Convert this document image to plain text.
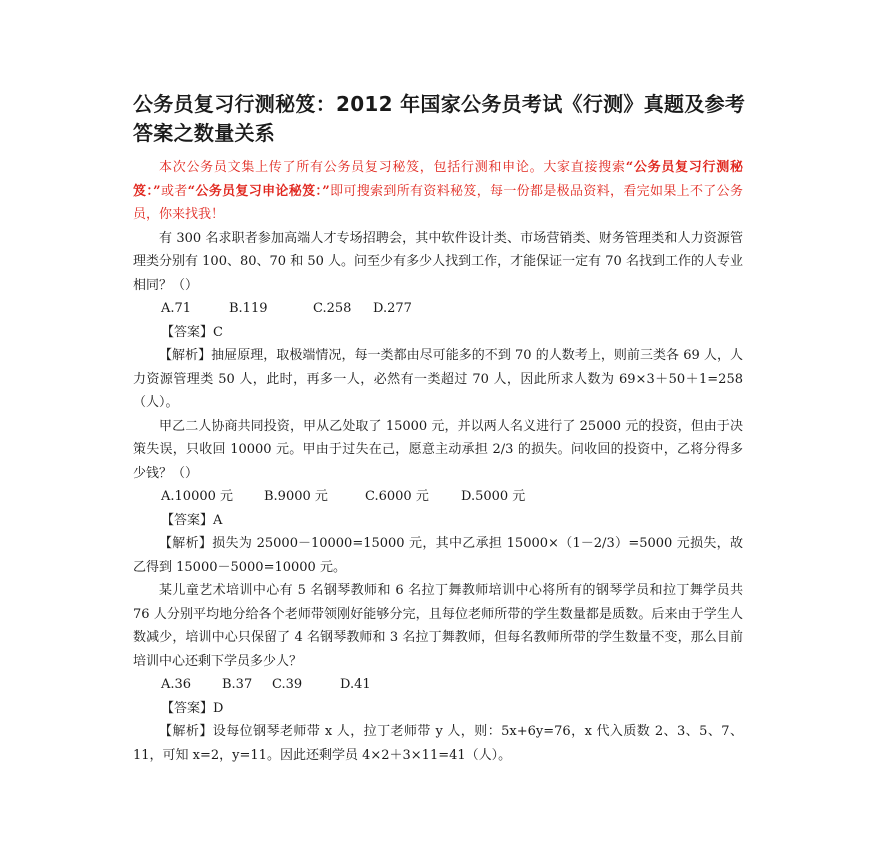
公务员复习行测秘笈：2012 年国家公务员考试《行测》真题及参考答案之数量关系

本次公务员文集上传了所有公务员复习秘笈，包括行测和申论。大家直接搜索“公务员复习行测秘笈：”或者“公务员复习申论秘笈：”即可搜索到所有资料秘笈，每一份都是极品资料，看完如果上不了公务员，你来找我！

有 300 名求职者参加高端人才专场招聘会，其中软件设计类、市场营销类、财务管理类和人力资源管理类分别有 100、80、70 和 50 人。问至少有多少人找到工作，才能保证一定有 70 名找到工作的人专业相同？（）

A.71	B.119	C.258 D.277

【答案】C

【解析】抽屉原理，取极端情况，每一类都由尽可能多的不到 70 的人数考上，则前三类各 69 人，人力资源管理类 50 人，此时，再多一人，必然有一类超过 70 人，因此所求人数为 69×3＋50＋1=258（人）。

甲乙二人协商共同投资，甲从乙处取了 15000 元，并以两人名义进行了 25000 元的投资，但由于决策失误，只收回 10000 元。甲由于过失在己，愿意主动承担 2/3 的损失。问收回的投资中，乙将分得多少钱？（）

A.10000 元 B.9000 元	C.6000 元 D.5000 元

【答案】A

【解析】损失为 25000－10000=15000 元，其中乙承担 15000×（1－2/3）=5000 元损失，故乙得到 15000－5000=10000 元。

某儿童艺术培训中心有 5 名钢琴教师和 6 名拉丁舞教师培训中心将所有的钢琴学员和拉丁舞学员共 76 人分别平均地分给各个老师带领刚好能够分完，且每位老师所带的学生数量都是质数。后来由于学生人数减少，培训中心只保留了 4 名钢琴教师和 3 名拉丁舞教师，但每名教师所带的学生数量不变，那么目前培训中心还剩下学员多少人？

A.36 B.37 C.39	D.41

【答案】D

【解析】设每位钢琴老师带 x 人，拉丁老师带 y 人，则：5x+6y=76，x 代入质数 2、3、5、7、11，可知 x=2，y=11。因此还剩学员 4×2＋3×11=41（人）。
